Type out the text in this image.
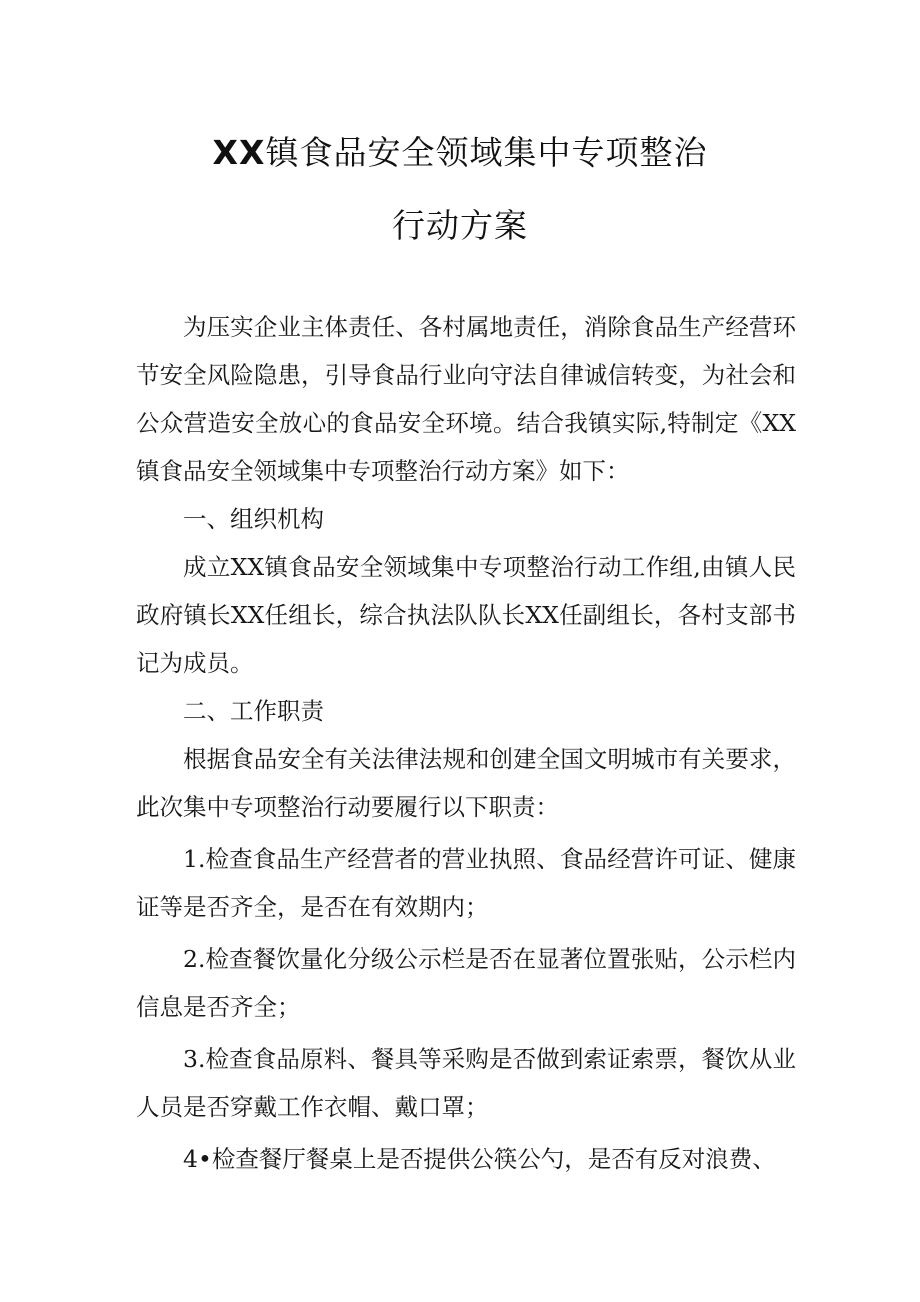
XX镇食品安全领域集中专项整治
行动方案

为压实企业主体责任、各村属地责任，消除食品生产经营环节安全风险隐患，引导食品行业向守法自律诚信转变，为社会和公众营造安全放心的食品安全环境。结合我镇实际,特制定《XX镇食品安全领域集中专项整治行动方案》如下：

一、组织机构

成立XX镇食品安全领域集中专项整治行动工作组,由镇人民政府镇长XX任组长，综合执法队队长XX任副组长，各村支部书记为成员。

二、工作职责

根据食品安全有关法律法规和创建全国文明城市有关要求，此次集中专项整治行动要履行以下职责：

1.检查食品生产经营者的营业执照、食品经营许可证、健康证等是否齐全，是否在有效期内；

2.检查餐饮量化分级公示栏是否在显著位置张贴，公示栏内信息是否齐全；

3.检查食品原料、餐具等采购是否做到索证索票，餐饮从业人员是否穿戴工作衣帽、戴口罩；

4•检查餐厅餐桌上是否提供公筷公勺，是否有反对浪费、
